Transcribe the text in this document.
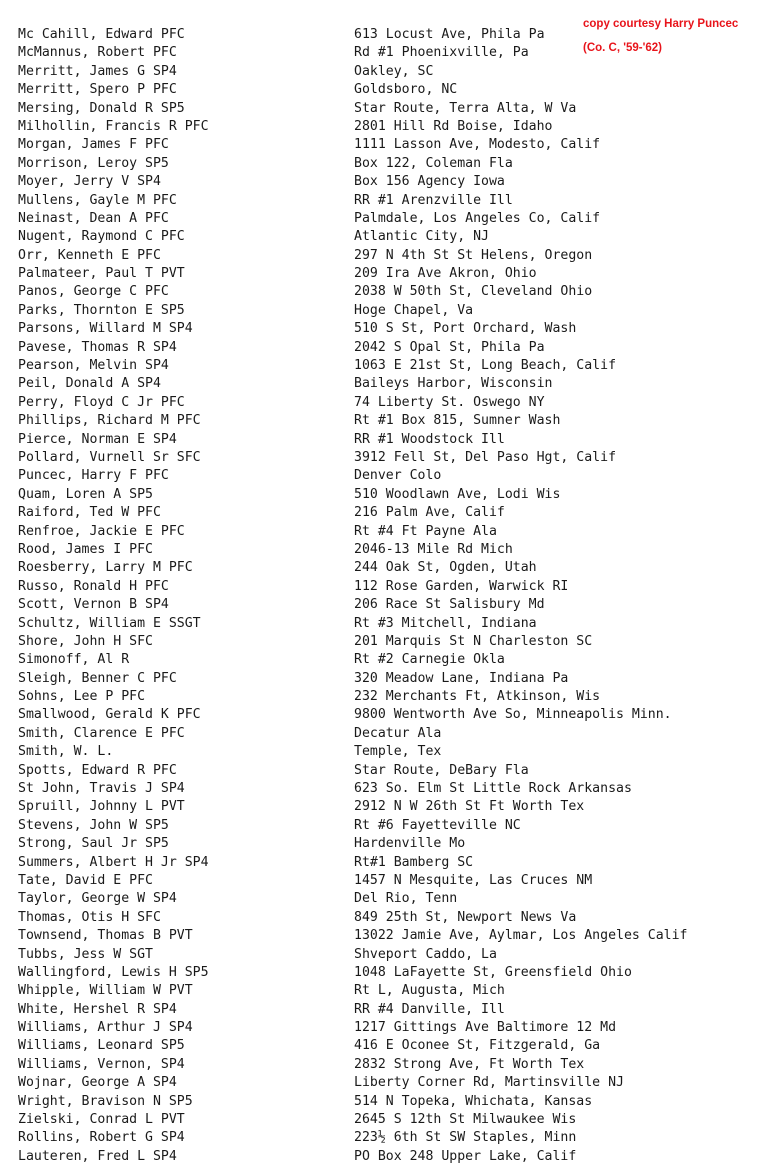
copy courtesy Harry Puncec
(Co. C, '59-'62)
Mc Cahill, Edward PFC	613 Locust Ave, Phila Pa
McMannus, Robert PFC	Rd #1 Phoenixville, Pa
Merritt, James G SP4	Oakley, SC
Merritt, Spero P PFC	Goldsboro, NC
Mersing, Donald R SP5	Star Route, Terra Alta, W Va
Milhollin, Francis R PFC	2801 Hill Rd Boise, Idaho
Morgan, James F PFC	1111 Lasson Ave, Modesto, Calif
Morrison, Leroy SP5	Box 122, Coleman Fla
Moyer, Jerry V SP4	Box 156 Agency Iowa
Mullens, Gayle M PFC	RR #1 Arenzville Ill
Neinast, Dean A PFC	Palmdale, Los Angeles Co, Calif
Nugent, Raymond C PFC	Atlantic City, NJ
Orr, Kenneth E PFC	297 N 4th St St Helens, Oregon
Palmateer, Paul T PVT	209 Ira Ave Akron, Ohio
Panos, George C PFC	2038 W 50th St, Cleveland Ohio
Parks, Thornton E SP5	Hoge Chapel, Va
Parsons, Willard M SP4	510 S St, Port Orchard, Wash
Pavese, Thomas R SP4	2042 S Opal St, Phila Pa
Pearson, Melvin SP4	1063 E 21st St, Long Beach, Calif
Peil, Donald A SP4	Baileys Harbor, Wisconsin
Perry, Floyd C Jr PFC	74 Liberty St. Oswego NY
Phillips, Richard M PFC	Rt #1 Box 815, Sumner Wash
Pierce, Norman E SP4	RR #1 Woodstock Ill
Pollard, Vurnell Sr SFC	3912 Fell St, Del Paso Hgt, Calif
Puncec, Harry F PFC	Denver Colo
Quam, Loren A SP5	510 Woodlawn Ave, Lodi Wis
Raiford, Ted W PFC	216 Palm Ave, Calif
Renfroe, Jackie E PFC	Rt #4 Ft Payne Ala
Rood, James I PFC	2046-13 Mile Rd Mich
Roesberry, Larry M PFC	244 Oak St, Ogden, Utah
Russo, Ronald H PFC	112 Rose Garden, Warwick RI
Scott, Vernon B SP4	206 Race St Salisbury Md
Schultz, William E SSGT	Rt #3 Mitchell, Indiana
Shore, John H SFC	201 Marquis St N Charleston SC
Simonoff, Al R	Rt #2 Carnegie Okla
Sleigh, Benner C PFC	320 Meadow Lane, Indiana Pa
Sohns, Lee P PFC	232 Merchants Ft, Atkinson, Wis
Smallwood, Gerald K PFC	9800 Wentworth Ave So, Minneapolis Minn.
Smith, Clarence E PFC	Decatur Ala
Smith, W. L.	Temple, Tex
Spotts, Edward R PFC	Star Route, DeBary Fla
St John, Travis J SP4	623 So. Elm St Little Rock Arkansas
Spruill, Johnny L PVT	2912 N W 26th St Ft Worth Tex
Stevens, John W SP5	Rt #6 Fayetteville NC
Strong, Saul Jr SP5	Hardenville Mo
Summers, Albert H Jr SP4	Rt#1 Bamberg SC
Tate, David E PFC	1457 N Mesquite, Las Cruces NM
Taylor, George W SP4	Del Rio, Tenn
Thomas, Otis H SFC	849 25th St, Newport News Va
Townsend, Thomas B PVT	13022 Jamie Ave, Aylmar, Los Angeles Calif
Tubbs, Jess W SGT	Shveport Caddo, La
Wallingford, Lewis H SP5	1048 LaFayette St, Greensfield Ohio
Whipple, William W PVT	Rt L, Augusta, Mich
White, Hershel R SP4	RR #4 Danville, Ill
Williams, Arthur J SP4	1217 Gittings Ave Baltimore 12 Md
Williams, Leonard SP5	416 E Oconee St, Fitzgerald, Ga
Williams, Vernon, SP4	2832 Strong Ave, Ft Worth Tex
Wojnar, George A SP4	Liberty Corner Rd, Martinsville NJ
Wright, Bravison N SP5	514 N Topeka, Whichata, Kansas
Zielski, Conrad L PVT	2645 S 12th St Milwaukee Wis
Rollins, Robert G SP4	223½ 6th St SW Staples, Minn
Lauteren, Fred L SP4	PO Box 248 Upper Lake, Calif
